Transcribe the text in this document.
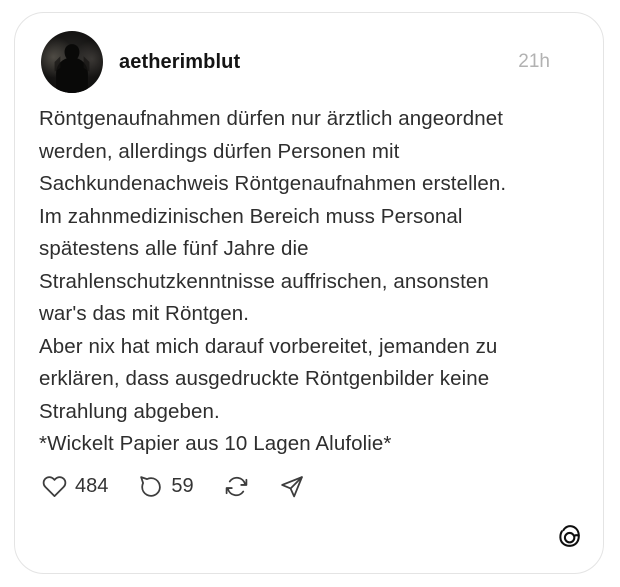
aetherimblut	21h
Röntgenaufnahmen dürfen nur ärztlich angeordnet
werden, allerdings dürfen Personen mit
Sachkundenachweis Röntgenaufnahmen erstellen.
Im zahnmedizinischen Bereich muss Personal
spätestens alle fünf Jahre die
Strahlenschutzkenntnisse auffrischen, ansonsten
war's das mit Röntgen.
Aber nix hat mich darauf vorbereitet, jemanden zu
erklären, dass ausgedruckte Röntgenbilder keine
Strahlung abgeben.
*Wickelt Papier aus 10 Lagen Alufolie*
484	59
